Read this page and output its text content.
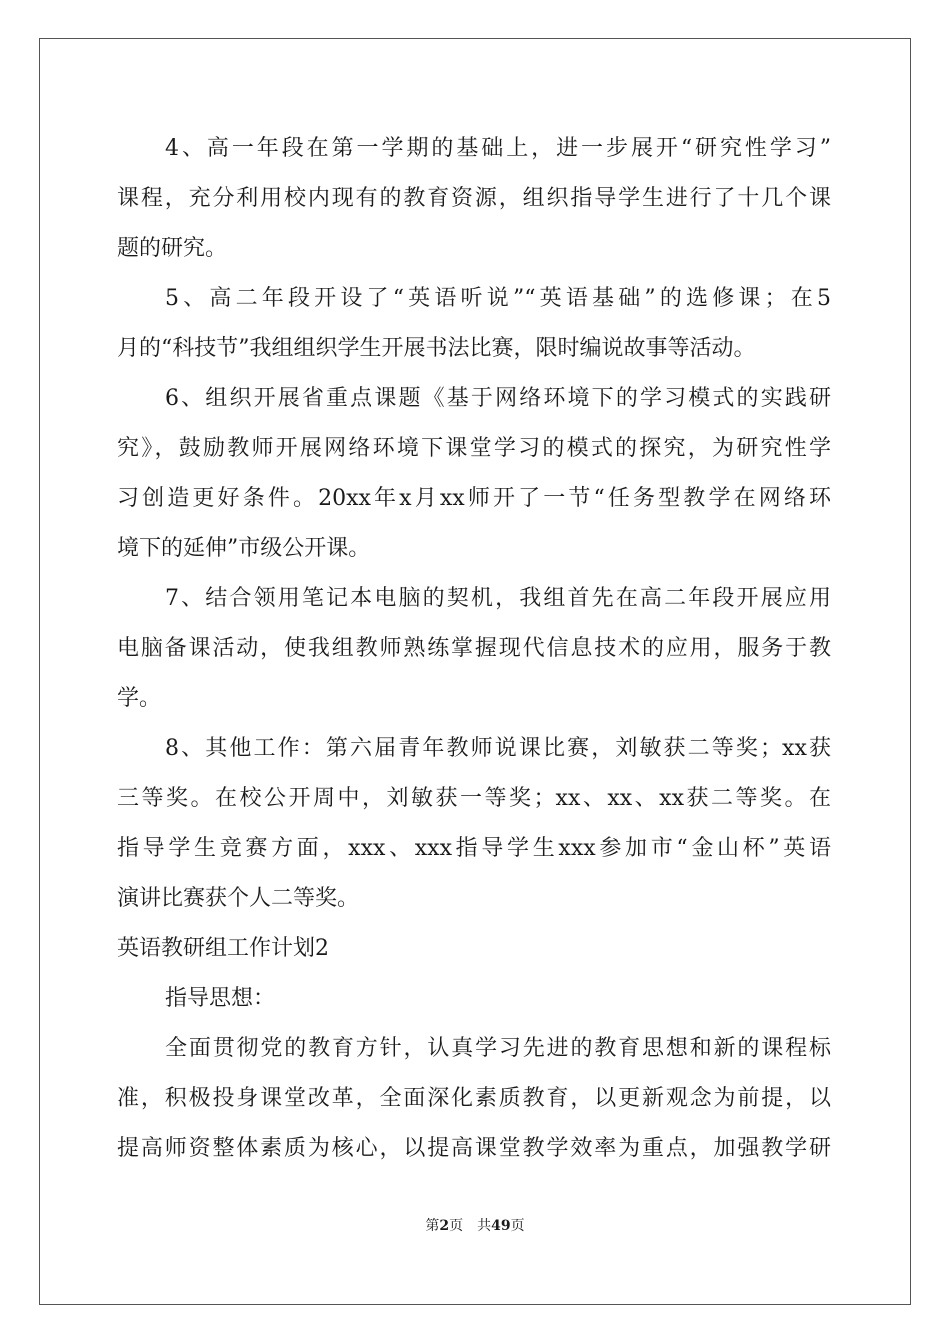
4、高一年段在第一学期的基础上，进一步展开“研究性学习”
课程，充分利用校内现有的教育资源，组织指导学生进行了十几个课
题的研究。
5、高二年段开设了“英语听说”“英语基础”的选修课；在5
月的“科技节”我组组织学生开展书法比赛，限时编说故事等活动。
6、组织开展省重点课题《基于网络环境下的学习模式的实践研
究》，鼓励教师开展网络环境下课堂学习的模式的探究，为研究性学
习创造更好条件。20xx年x月xx师开了一节“任务型教学在网络环
境下的延伸”市级公开课。
7、结合领用笔记本电脑的契机，我组首先在高二年段开展应用
电脑备课活动，使我组教师熟练掌握现代信息技术的应用，服务于教
学。
8、其他工作：第六届青年教师说课比赛，刘敏获二等奖；xx获
三等奖。在校公开周中，刘敏获一等奖；xx、xx、xx获二等奖。在
指导学生竞赛方面，xxx、xxx指导学生xxx参加市“金山杯”英语
演讲比赛获个人二等奖。
英语教研组工作计划2
指导思想：
全面贯彻党的教育方针，认真学习先进的教育思想和新的课程标
准，积极投身课堂改革，全面深化素质教育，以更新观念为前提，以
提高师资整体素质为核心，以提高课堂教学效率为重点，加强教学研
第2页　共49页
